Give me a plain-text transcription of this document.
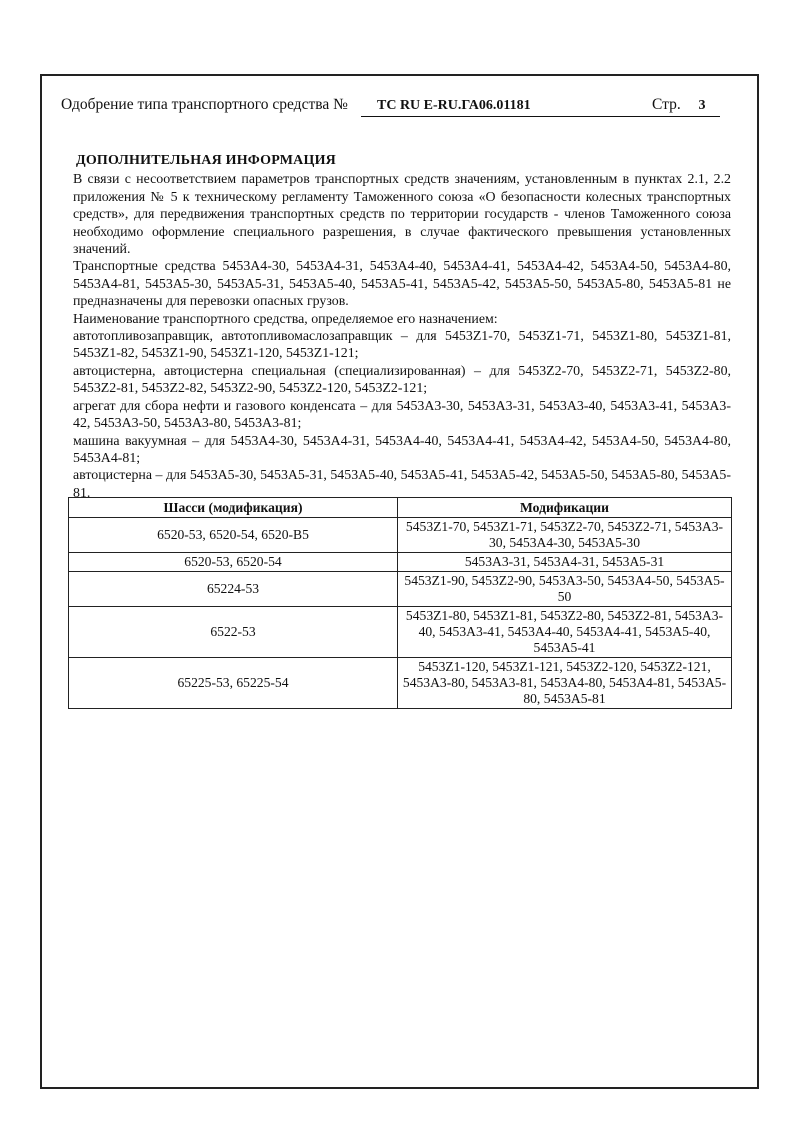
Одобрение типа транспортного средства №	ТС RU E-RU.ГА06.01181	Стр.	3
ДОПОЛНИТЕЛЬНАЯ ИНФОРМАЦИЯ

В связи с несоответствием параметров транспортных средств значениям, установленным в пунктах 2.1, 2.2 приложения № 5 к техническому регламенту Таможенного союза «О безопасности колесных транспортных средств», для передвижения транспортных средств по территории государств - членов Таможенного союза необходимо оформление специального разрешения, в случае фактического превышения установленных значений.

Транспортные средства 5453А4-30, 5453А4-31, 5453А4-40, 5453А4-41, 5453А4-42, 5453А4-50, 5453А4-80, 5453А4-81, 5453А5-30, 5453А5-31, 5453А5-40, 5453А5-41, 5453А5-42, 5453А5-50, 5453А5-80, 5453А5-81 не предназначены для перевозки опасных грузов.

Наименование транспортного средства, определяемое его назначением:

автотопливозаправщик, автотопливомаслозаправщик – для 5453Z1-70, 5453Z1-71, 5453Z1-80, 5453Z1-81, 5453Z1-82, 5453Z1-90, 5453Z1-120, 5453Z1-121;

автоцистерна, автоцистерна специальная (специализированная) – для 5453Z2-70, 5453Z2-71, 5453Z2-80, 5453Z2-81, 5453Z2-82, 5453Z2-90, 5453Z2-120, 5453Z2-121;

агрегат для сбора нефти и газового конденсата – для 5453А3-30, 5453А3-31, 5453А3-40, 5453А3-41, 5453А3-42, 5453А3-50, 5453А3-80, 5453А3-81;

машина вакуумная – для 5453А4-30, 5453А4-31, 5453А4-40, 5453А4-41, 5453А4-42, 5453А4-50, 5453А4-80, 5453А4-81;

автоцистерна – для 5453А5-30, 5453А5-31, 5453А5-40, 5453А5-41, 5453А5-42, 5453А5-50, 5453А5-80, 5453А5-81.

Шасси (модификация)	Модификации
6520-53, 6520-54, 6520-В5	5453Z1-70, 5453Z1-71, 5453Z2-70, 5453Z2-71, 5453А3-30, 5453А4-30, 5453А5-30
6520-53, 6520-54	5453А3-31, 5453А4-31, 5453А5-31
65224-53	5453Z1-90, 5453Z2-90, 5453А3-50, 5453А4-50, 5453А5-50
6522-53	5453Z1-80, 5453Z1-81, 5453Z2-80, 5453Z2-81, 5453А3-40, 5453А3-41, 5453А4-40, 5453А4-41, 5453А5-40, 5453А5-41
65225-53, 65225-54	5453Z1-120, 5453Z1-121, 5453Z2-120, 5453Z2-121, 5453А3-80, 5453А3-81, 5453А4-80, 5453А4-81, 5453А5-80, 5453А5-81
